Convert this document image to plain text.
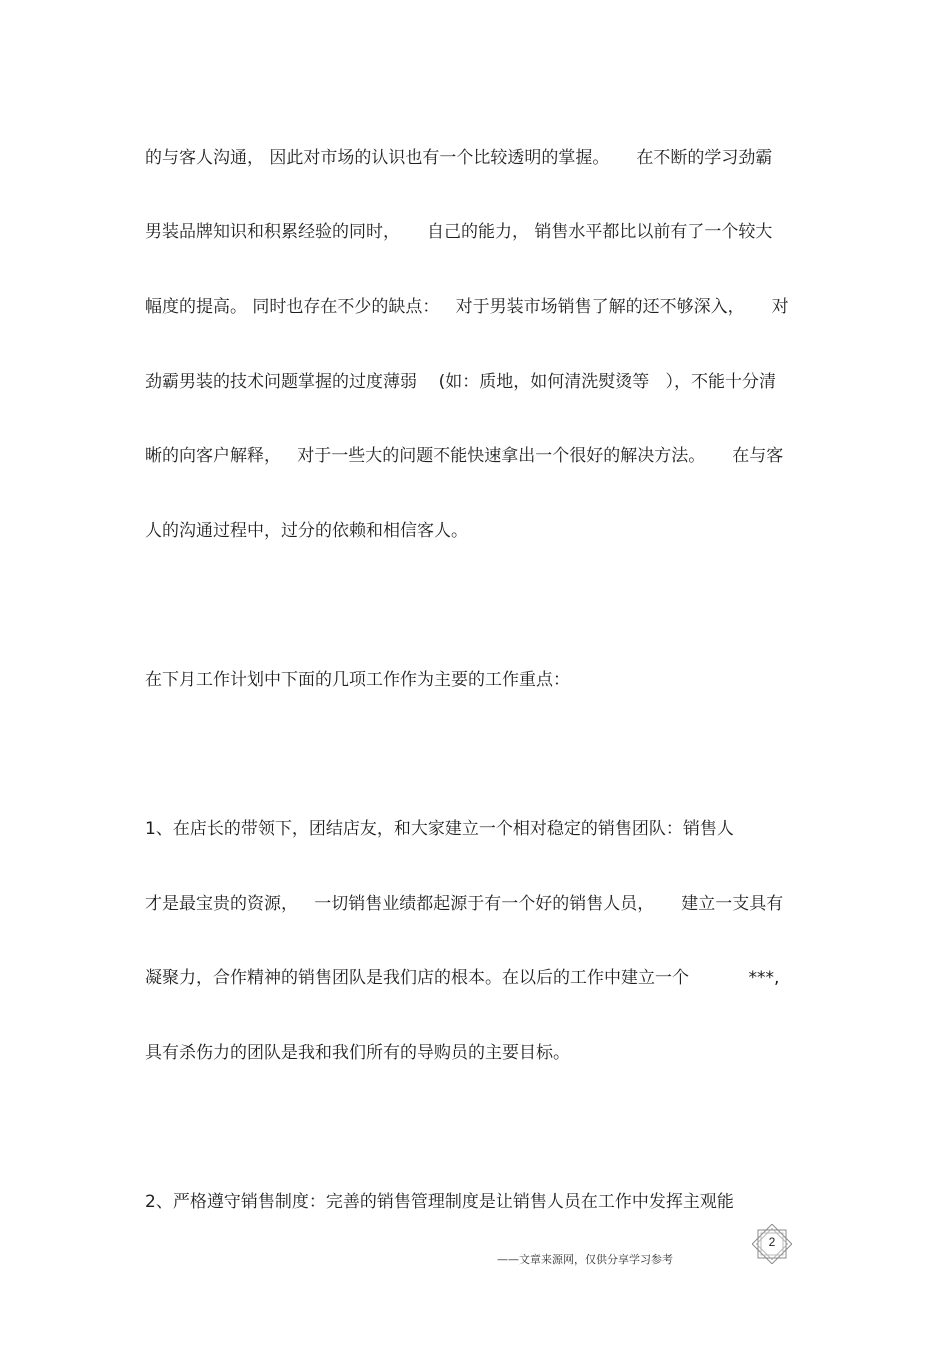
的与客人沟通， 因此对市场的认识也有一个比较透明的掌握。     在不断的学习劲霸
男装品牌知识和积累经验的同时，     自己的能力， 销售水平都比以前有了一个较大
幅度的提高。 同时也存在不少的缺点：   对于男装市场销售了解的还不够深入，     对
劲霸男装的技术问题掌握的过度薄弱    (如：质地，如何清洗熨烫等   ），不能十分清
晰的向客户解释，   对于一些大的问题不能快速拿出一个很好的解决方法。     在与客
人的沟通过程中，过分的依赖和相信客人。
在下月工作计划中下面的几项工作作为主要的工作重点：
1、在店长的带领下，团结店友，和大家建立一个相对稳定的销售团队：销售人
才是最宝贵的资源，   一切销售业绩都起源于有一个好的销售人员，     建立一支具有
凝聚力，合作精神的销售团队是我们店的根本。在以后的工作中建立一个           ***,
具有杀伤力的团队是我和我们所有的导购员的主要目标。
2、严格遵守销售制度：完善的销售管理制度是让销售人员在工作中发挥主观能
2
——文章来源网，仅供分享学习参考
